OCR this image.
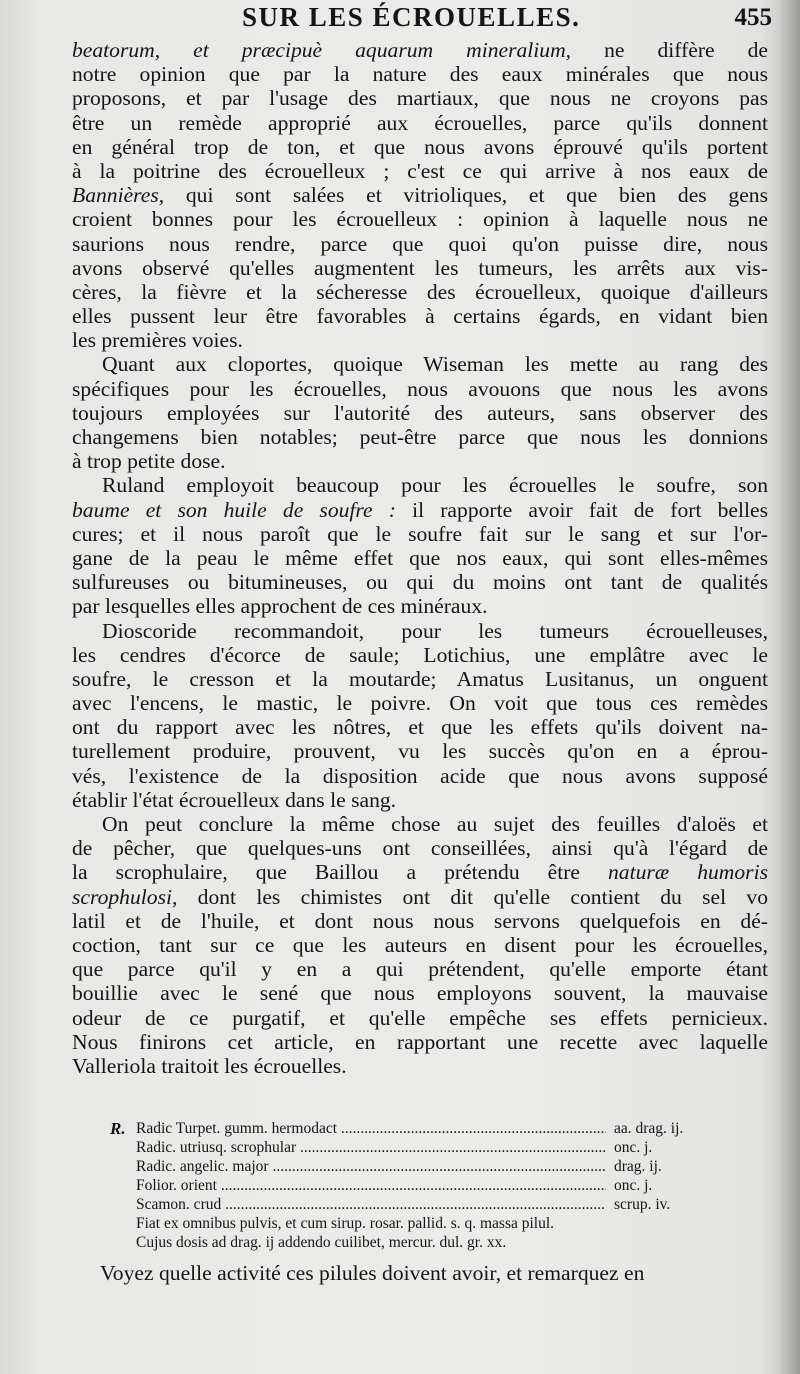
SUR LES ÉCROUELLES.	455
beatorum, et præcipuè aquarum mineralium, ne diffère de
notre opinion que par la nature des eaux minérales que nous
proposons, et par l'usage des martiaux, que nous ne croyons pas
être un remède approprié aux écrouelles, parce qu'ils donnent
en général trop de ton, et que nous avons éprouvé qu'ils portent
à la poitrine des écrouelleux ; c'est ce qui arrive à nos eaux de
Bannières, qui sont salées et vitrioliques, et que bien des gens
croient bonnes pour les écrouelleux : opinion à laquelle nous ne
saurions nous rendre, parce que quoi qu'on puisse dire, nous
avons observé qu'elles augmentent les tumeurs, les arrêts aux vis-
cères, la fièvre et la sécheresse des écrouelleux, quoique d'ailleurs
elles pussent leur être favorables à certains égards, en vidant bien
les premières voies.
Quant aux cloportes, quoique Wiseman les mette au rang des
spécifiques pour les écrouelles, nous avouons que nous les avons
toujours employées sur l'autorité des auteurs, sans observer des
changemens bien notables; peut-être parce que nous les donnions
à trop petite dose.
Ruland employoit beaucoup pour les écrouelles le soufre, son
baume et son huile de soufre : il rapporte avoir fait de fort belles
cures; et il nous paroît que le soufre fait sur le sang et sur l'or-
gane de la peau le même effet que nos eaux, qui sont elles-mêmes
sulfureuses ou bitumineuses, ou qui du moins ont tant de qualités
par lesquelles elles approchent de ces minéraux.
Dioscoride recommandoit, pour les tumeurs écrouelleuses,
les cendres d'écorce de saule; Lotichius, une emplâtre avec le
soufre, le cresson et la moutarde; Amatus Lusitanus, un onguent
avec l'encens, le mastic, le poivre. On voit que tous ces remèdes
ont du rapport avec les nôtres, et que les effets qu'ils doivent na-
turellement produire, prouvent, vu les succès qu'on en a éprou-
vés, l'existence de la disposition acide que nous avons supposé
établir l'état écrouelleux dans le sang.
On peut conclure la même chose au sujet des feuilles d'aloës et
de pêcher, que quelques-uns ont conseillées, ainsi qu'à l'égard de
la scrophulaire, que Baillou a prétendu être naturæ humoris
scrophulosi, dont les chimistes ont dit qu'elle contient du sel vo
latil et de l'huile, et dont nous nous servons quelquefois en dé-
coction, tant sur ce que les auteurs en disent pour les écrouelles,
que parce qu'il y en a qui prétendent, qu'elle emporte étant
bouillie avec le sené que nous employons souvent, la mauvaise
odeur de ce purgatif, et qu'elle empêche ses effets pernicieux.
Nous finirons cet article, en rapportant une recette avec laquelle
Valleriola traitoit les écrouelles.
R. Radic Turpet. gumm. hermodact .....	aa. drag. ij.
Radic. utriusq. scrophular .....	onc. j.
Radic. angelic. major .....	drag. ij.
Folior. orient .....	onc. j.
Scamon. crud .....	scrup. iv.
Fiat ex omnibus pulvis, et cum sirup. rosar. pallid. s. q. massa pilul.
Cujus dosis ad drag. ij addendo cuilibet, mercur. dul. gr. xx.
Voyez quelle activité ces pilules doivent avoir, et remarquez en
